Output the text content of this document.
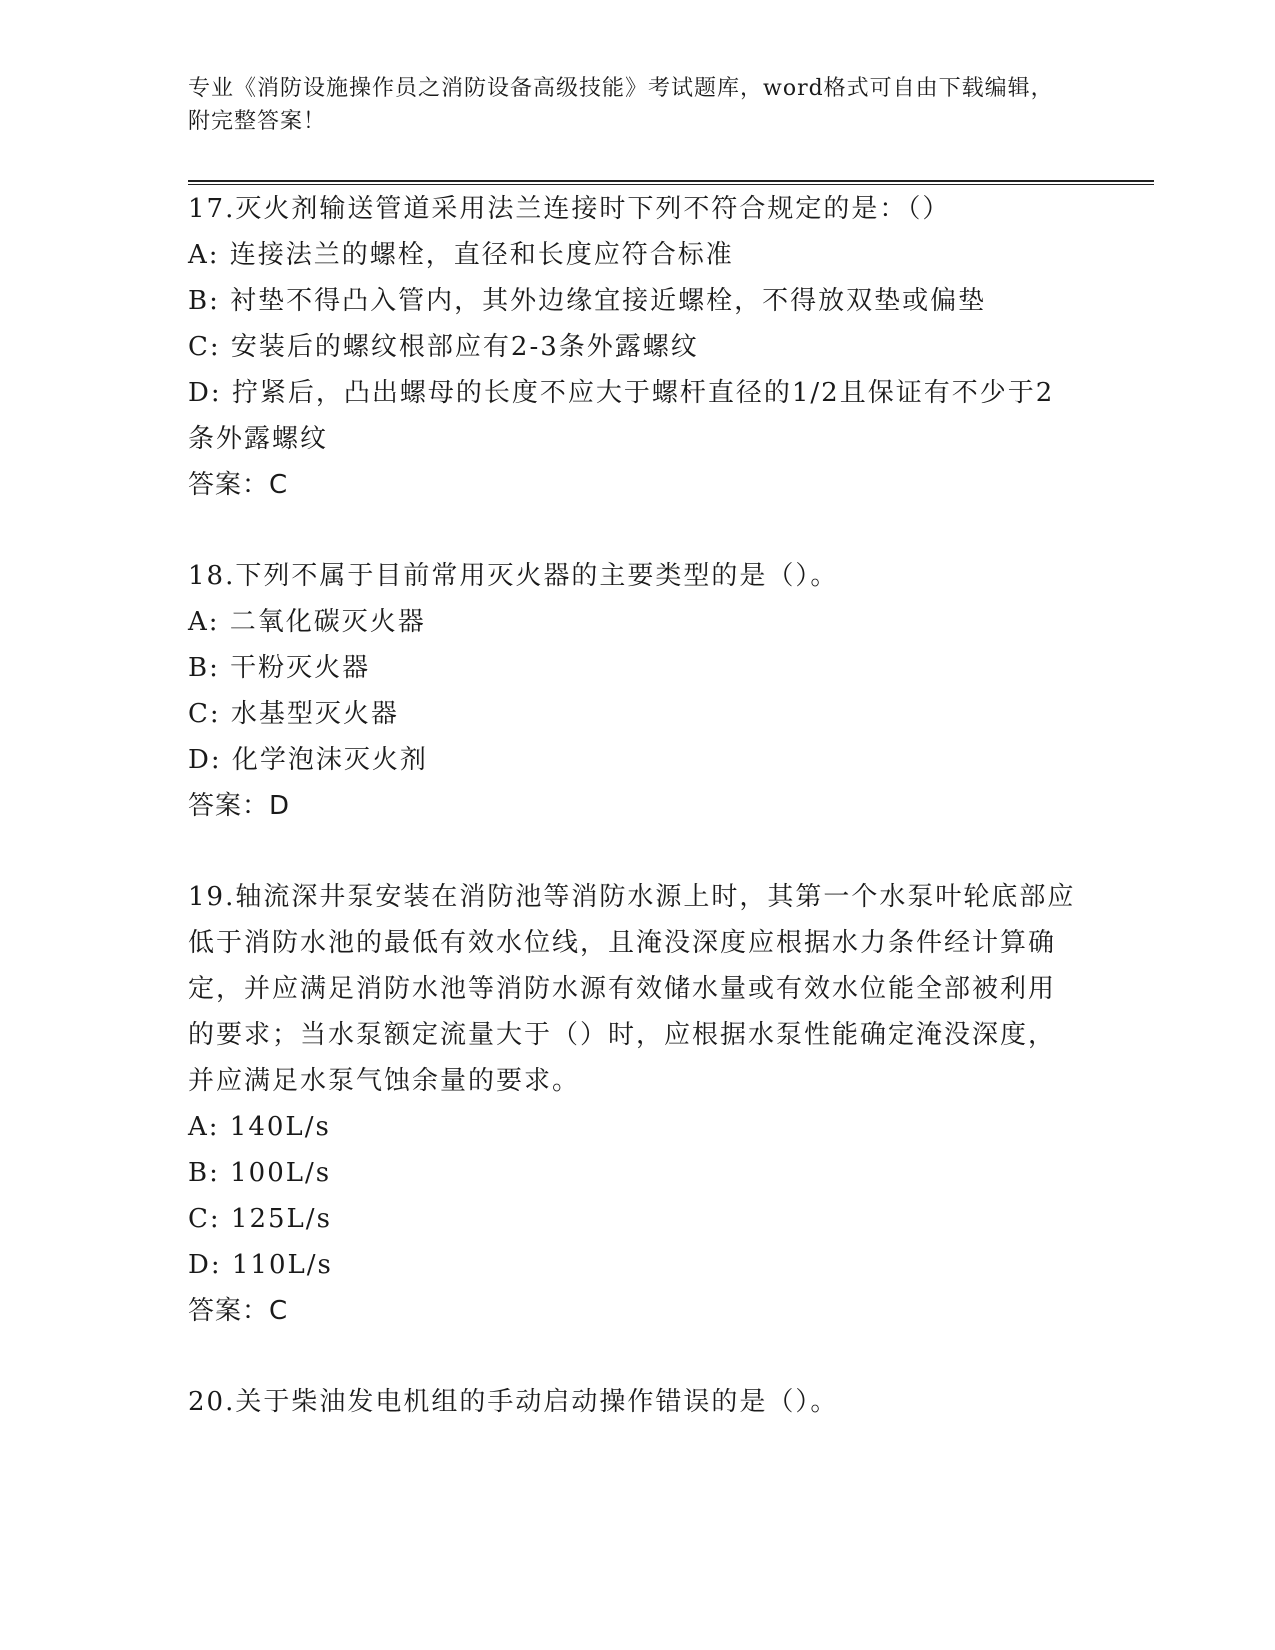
专业《消防设施操作员之消防设备高级技能》考试题库，word格式可自由下载编辑，附完整答案！
17.灭火剂输送管道采用法兰连接时下列不符合规定的是：（）
A: 连接法兰的螺栓，直径和长度应符合标准
B: 衬垫不得凸入管内，其外边缘宜接近螺栓，不得放双垫或偏垫
C: 安装后的螺纹根部应有2-3条外露螺纹
D: 拧紧后，凸出螺母的长度不应大于螺杆直径的1/2且保证有不少于2条外露螺纹
答案：C
18.下列不属于目前常用灭火器的主要类型的是（）。
A: 二氧化碳灭火器
B: 干粉灭火器
C: 水基型灭火器
D: 化学泡沫灭火剂
答案：D
19.轴流深井泵安装在消防池等消防水源上时，其第一个水泵叶轮底部应低于消防水池的最低有效水位线，且淹没深度应根据水力条件经计算确定，并应满足消防水池等消防水源有效储水量或有效水位能全部被利用的要求；当水泵额定流量大于（）时，应根据水泵性能确定淹没深度，并应满足水泵气蚀余量的要求。
A: 140L/s
B: 100L/s
C: 125L/s
D: 110L/s
答案：C
20.关于柴油发电机组的手动启动操作错误的是（）。
